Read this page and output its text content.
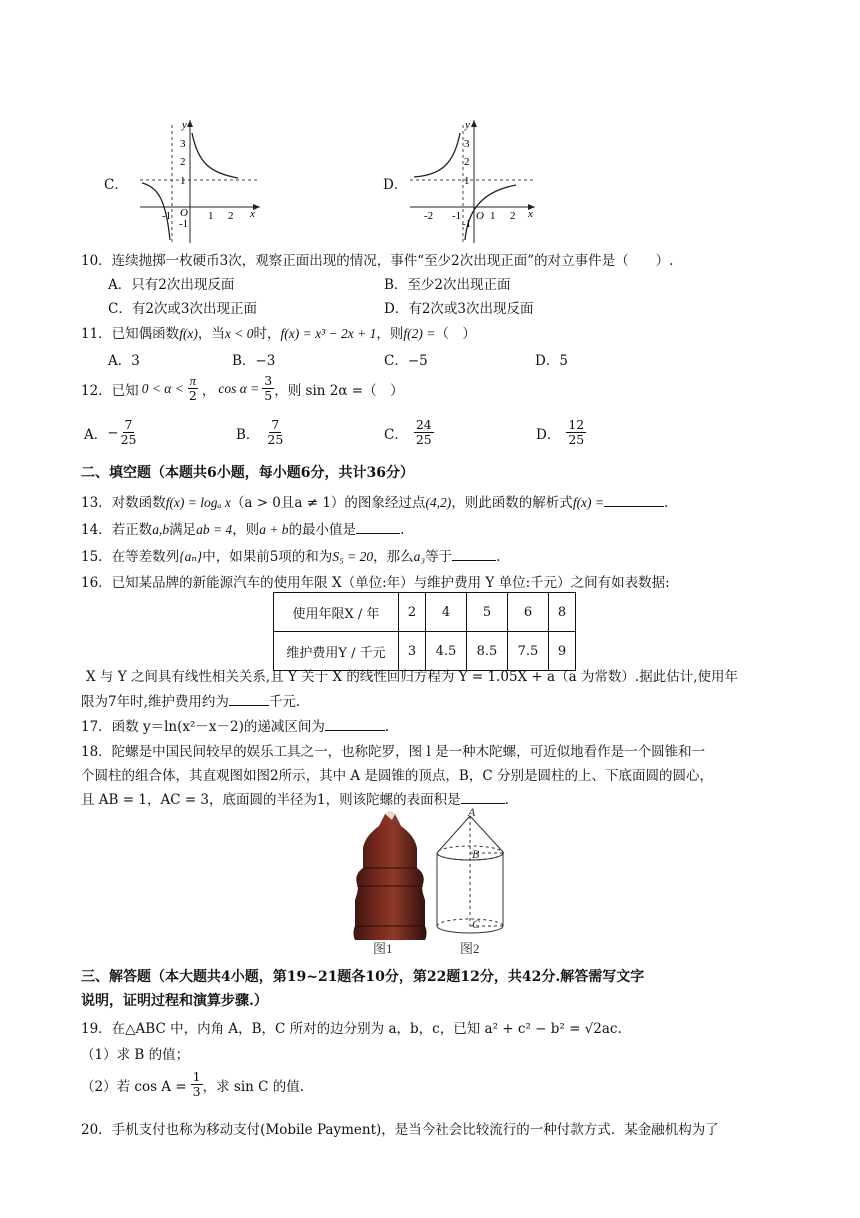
C．
y
3
2
1
-1
-1 O 1 2 x
D．
y
3
2
1
-1
-2 -1 O 1 2 x
10．连续抛掷一枚硬币3次，观察正面出现的情况，事件“至少2次出现正面”的对立事件是（　　）.
A．只有2次出现反面	B．至少2次出现正面
C．有2次或3次出现正面	D．有2次或3次出现反面
11．已知偶函数f(x)，当x < 0时，f(x) = x³ − 2x + 1，则f(2) =（　）
A．3	B．−3	C．−5	D．5
12．已知 $0 < \alpha < \frac{\pi}{2}$ ， $\cos \alpha = \frac{3}{5}$ ，则 sin 2α =（　）
A． − $\frac{7}{25}$	B． $\frac{7}{25}$	C． $\frac{24}{25}$	D． $\frac{12}{25}$
二、填空题（本题共6小题，每小题6分，共计36分）
13．对数函数f(x) = logₐ x（a > 0且a ≠ 1）的图象经过点(4,2)，则此函数的解析式f(x) =	.
14．若正数a,b满足ab = 4，则a + b的最小值是	.
15．在等差数列{aₙ}中，如果前5项的和为S₅ = 20，那么a₃等于	.
16．已知某品牌的新能源汽车的使用年限 X（单位:年）与维护费用 Y 单位:千元）之间有如表数据:
使用年限X / 年	2	4	5	6	8
维护费用Y / 千元	3	4.5	8.5	7.5	9
X 与 Y 之间具有线性相关关系,且 Y 关于 X 的线性回归方程为 Y = 1.05X + a（a 为常数）.据此估计,使用年
限为7年时,维护费用约为	千元.
17．函数 y＝ln(x²－x－2)的递减区间为	.
18．陀螺是中国民间较早的娱乐工具之一，也称陀罗，图 l 是一种木陀螺，可近似地看作是一个圆锥和一
个圆柱的组合体，其直观图如图2所示，其中 A 是圆锥的顶点，B，C 分别是圆柱的上、下底面圆的圆心，
且 AB = 1，AC = 3，底面圆的半径为1，则该陀螺的表面积是	.
图1
A
B
C
图2
三、解答题（本大题共4小题，第19~21题各10分，第22题12分，共42分.解答需写文字
说明，证明过程和演算步骤.）
19．在△ABC 中，内角 A，B，C 所对的边分别为 a，b，c，已知 a² + c² − b² = √2ac.
（1）求 B 的值；
（2）若 $\cos A = \frac{1}{3}$ ，求 sin C 的值.
20．手机支付也称为移动支付(Mobile Payment)，是当今社会比较流行的一种付款方式．某金融机构为了
